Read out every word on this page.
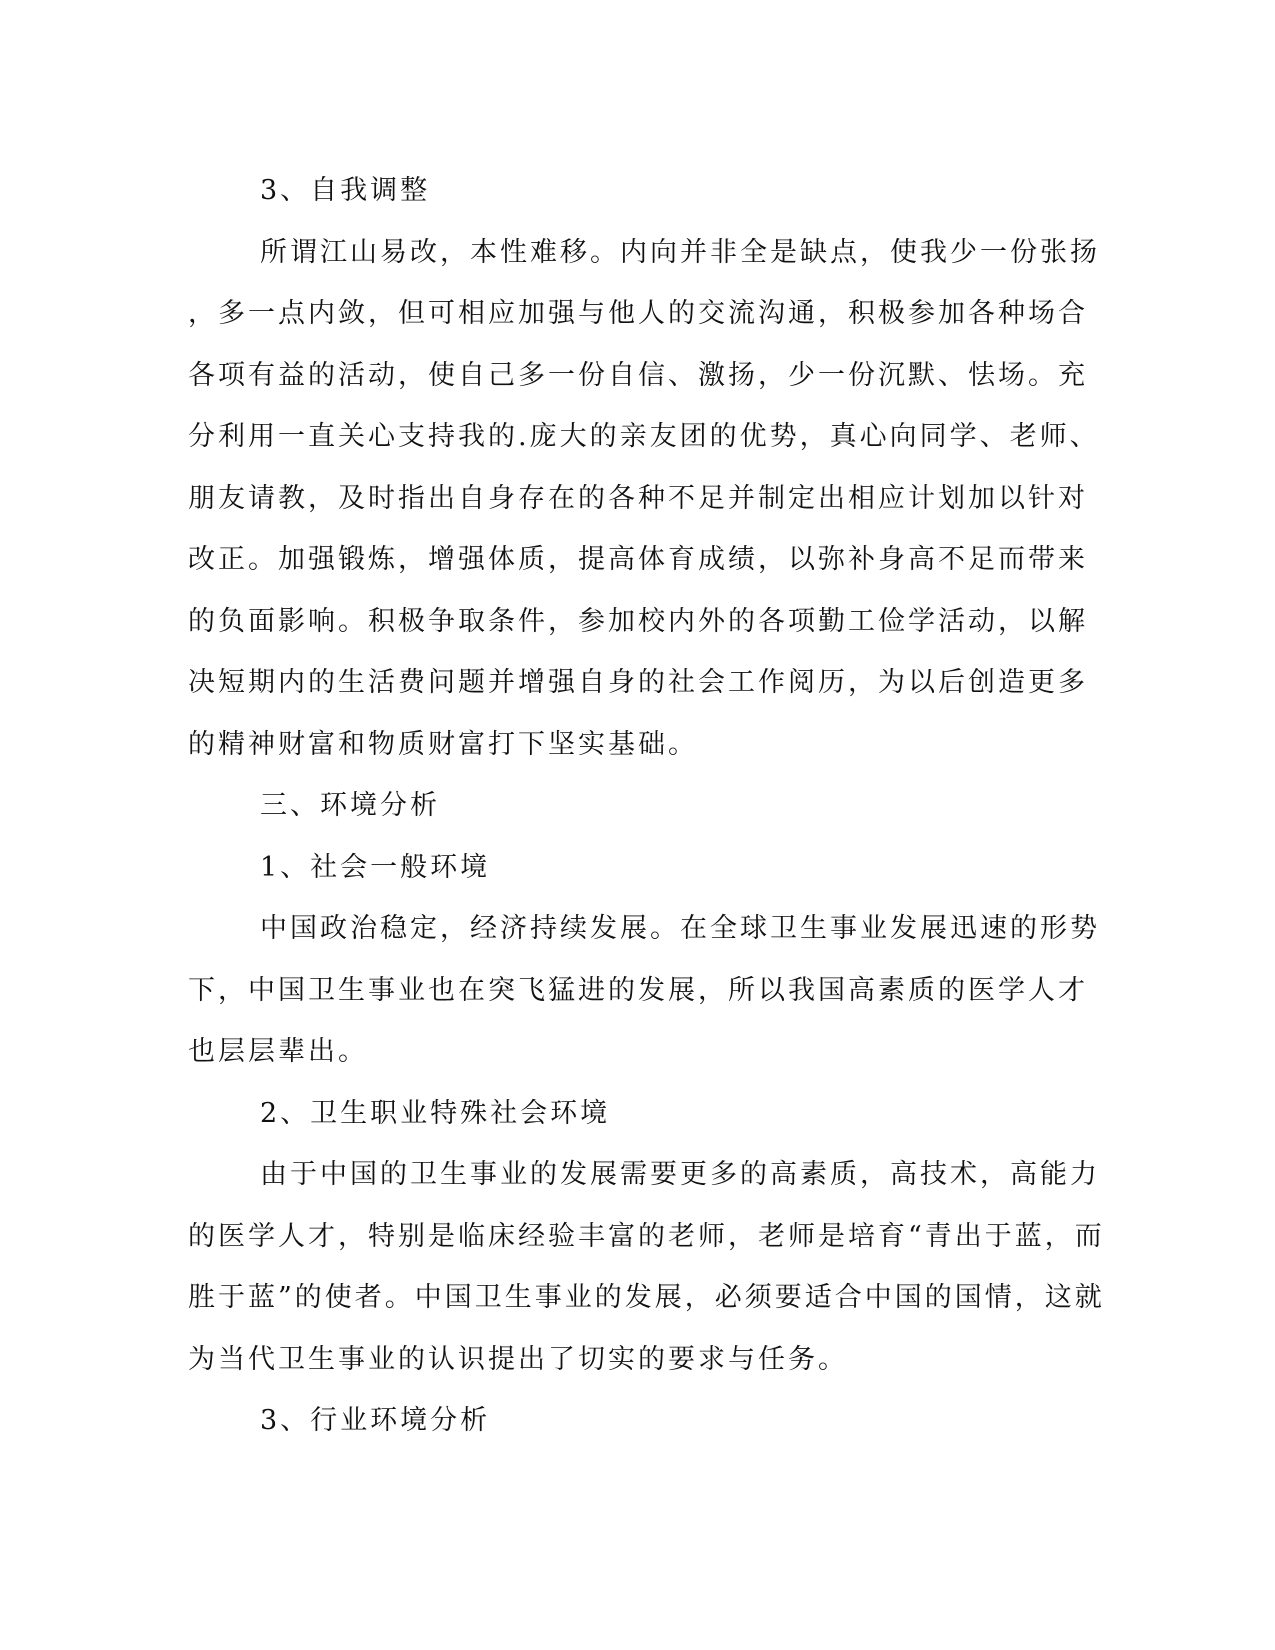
3、自我调整
所谓江山易改，本性难移。内向并非全是缺点，使我少一份张扬
，多一点内敛，但可相应加强与他人的交流沟通，积极参加各种场合
各项有益的活动，使自己多一份自信、激扬，少一份沉默、怯场。充
分利用一直关心支持我的.庞大的亲友团的优势，真心向同学、老师、
朋友请教，及时指出自身存在的各种不足并制定出相应计划加以针对
改正。加强锻炼，增强体质，提高体育成绩，以弥补身高不足而带来
的负面影响。积极争取条件，参加校内外的各项勤工俭学活动，以解
决短期内的生活费问题并增强自身的社会工作阅历，为以后创造更多
的精神财富和物质财富打下坚实基础。
三、环境分析
1、社会一般环境
中国政治稳定，经济持续发展。在全球卫生事业发展迅速的形势
下，中国卫生事业也在突飞猛进的发展，所以我国高素质的医学人才
也层层辈出。
2、卫生职业特殊社会环境
由于中国的卫生事业的发展需要更多的高素质，高技术，高能力
的医学人才，特别是临床经验丰富的老师，老师是培育“青出于蓝，而
胜于蓝”的使者。中国卫生事业的发展，必须要适合中国的国情，这就
为当代卫生事业的认识提出了切实的要求与任务。
3、行业环境分析
